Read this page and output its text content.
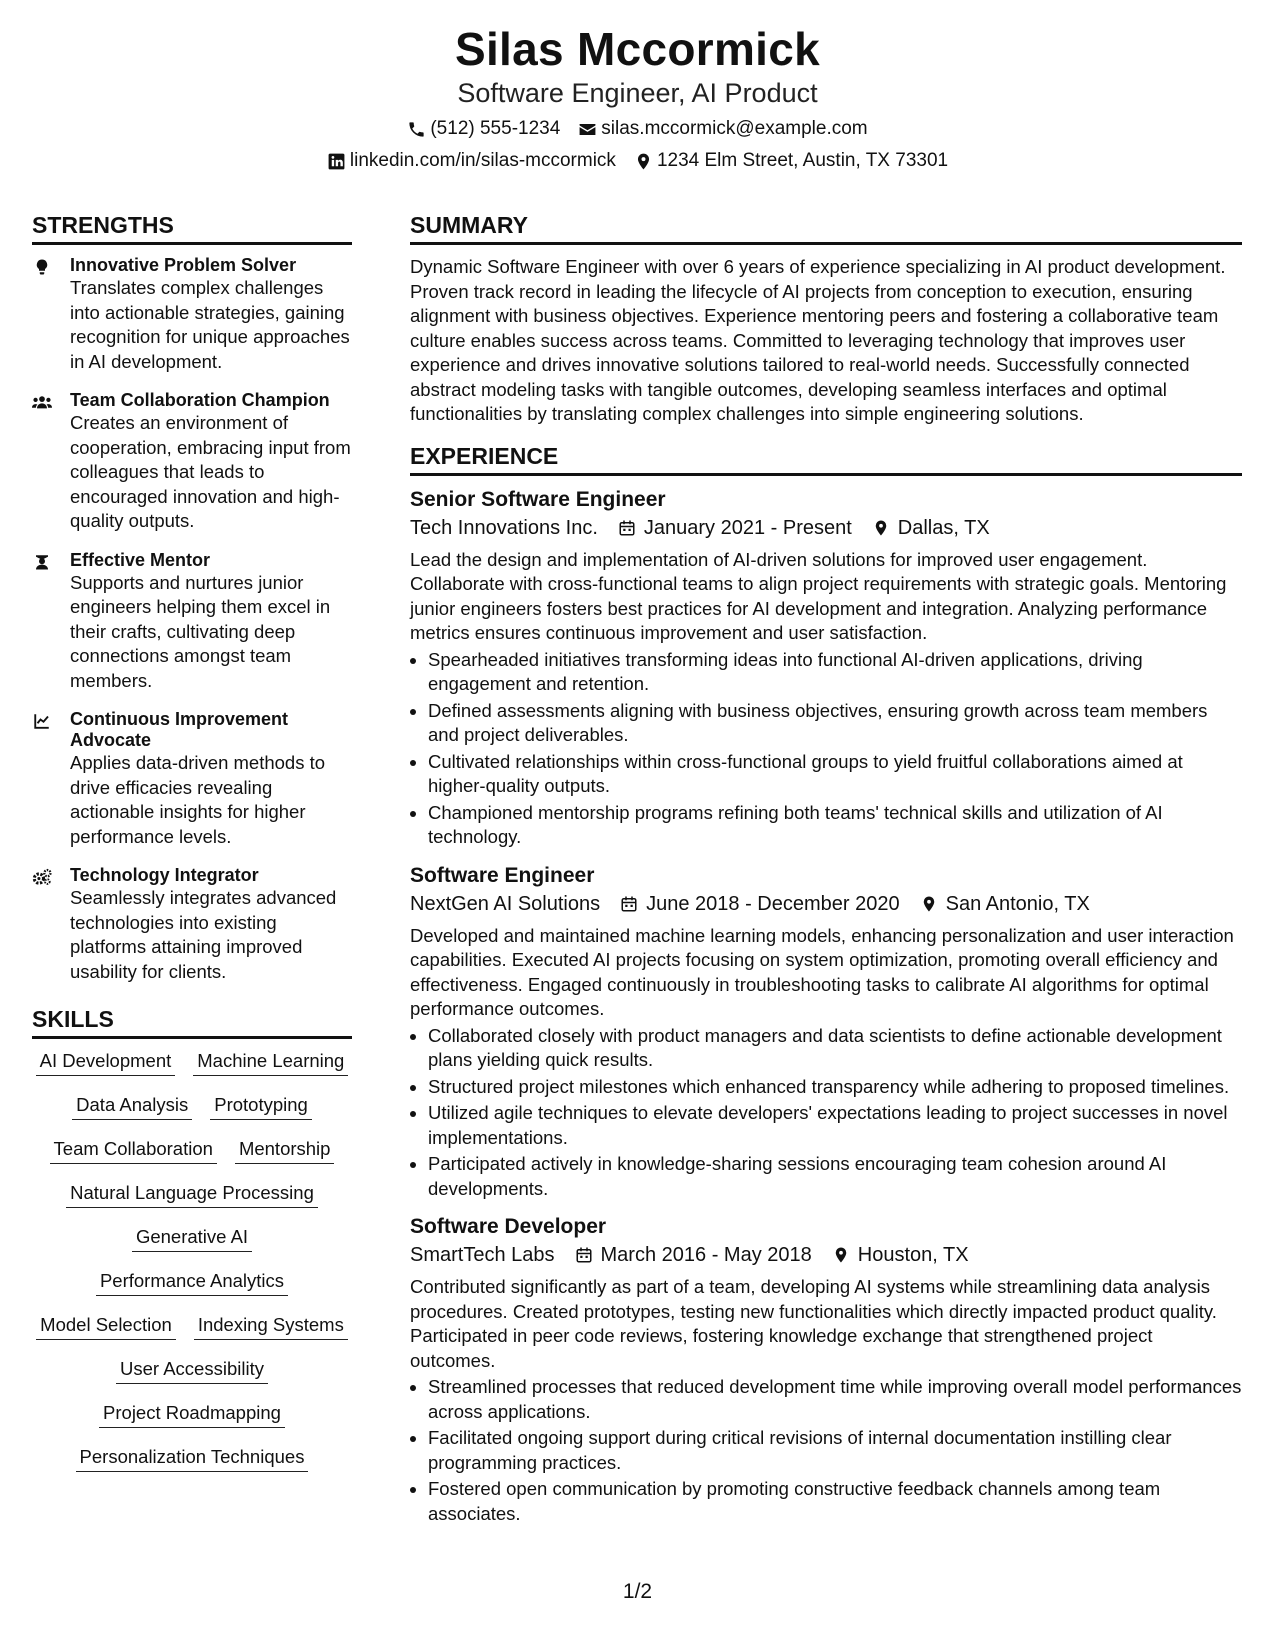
Silas Mccormick
Software Engineer, AI Product
(512) 555-1234 silas.mccormick@example.com
linkedin.com/in/silas-mccormick 1234 Elm Street, Austin, TX 73301
STRENGTHS
Innovative Problem Solver
Translates complex challenges into actionable strategies, gaining recognition for unique approaches in AI development.
Team Collaboration Champion
Creates an environment of cooperation, embracing input from colleagues that leads to encouraged innovation and high-quality outputs.
Effective Mentor
Supports and nurtures junior engineers helping them excel in their crafts, cultivating deep connections amongst team members.
Continuous Improvement Advocate
Applies data-driven methods to drive efficacies revealing actionable insights for higher performance levels.
Technology Integrator
Seamlessly integrates advanced technologies into existing platforms attaining improved usability for clients.
SKILLS
AI Development Machine Learning
Data Analysis Prototyping
Team Collaboration Mentorship
Natural Language Processing
Generative AI
Performance Analytics
Model Selection Indexing Systems
User Accessibility
Project Roadmapping
Personalization Techniques
SUMMARY
Dynamic Software Engineer with over 6 years of experience specializing in AI product development. Proven track record in leading the lifecycle of AI projects from conception to execution, ensuring alignment with business objectives. Experience mentoring peers and fostering a collaborative team culture enables success across teams. Committed to leveraging technology that improves user experience and drives innovative solutions tailored to real-world needs. Successfully connected abstract modeling tasks with tangible outcomes, developing seamless interfaces and optimal functionalities by translating complex challenges into simple engineering solutions.
EXPERIENCE
Senior Software Engineer
Tech Innovations Inc. January 2021 - Present Dallas, TX
Lead the design and implementation of AI-driven solutions for improved user engagement. Collaborate with cross-functional teams to align project requirements with strategic goals. Mentoring junior engineers fosters best practices for AI development and integration. Analyzing performance metrics ensures continuous improvement and user satisfaction.
• Spearheaded initiatives transforming ideas into functional AI-driven applications, driving engagement and retention.
• Defined assessments aligning with business objectives, ensuring growth across team members and project deliverables.
• Cultivated relationships within cross-functional groups to yield fruitful collaborations aimed at higher-quality outputs.
• Championed mentorship programs refining both teams' technical skills and utilization of AI technology.
Software Engineer
NextGen AI Solutions June 2018 - December 2020 San Antonio, TX
Developed and maintained machine learning models, enhancing personalization and user interaction capabilities. Executed AI projects focusing on system optimization, promoting overall efficiency and effectiveness. Engaged continuously in troubleshooting tasks to calibrate AI algorithms for optimal performance outcomes.
• Collaborated closely with product managers and data scientists to define actionable development plans yielding quick results.
• Structured project milestones which enhanced transparency while adhering to proposed timelines.
• Utilized agile techniques to elevate developers' expectations leading to project successes in novel implementations.
• Participated actively in knowledge-sharing sessions encouraging team cohesion around AI developments.
Software Developer
SmartTech Labs March 2016 - May 2018 Houston, TX
Contributed significantly as part of a team, developing AI systems while streamlining data analysis procedures. Created prototypes, testing new functionalities which directly impacted product quality. Participated in peer code reviews, fostering knowledge exchange that strengthened project outcomes.
• Streamlined processes that reduced development time while improving overall model performances across applications.
• Facilitated ongoing support during critical revisions of internal documentation instilling clear programming practices.
• Fostered open communication by promoting constructive feedback channels among team associates.
1/2
